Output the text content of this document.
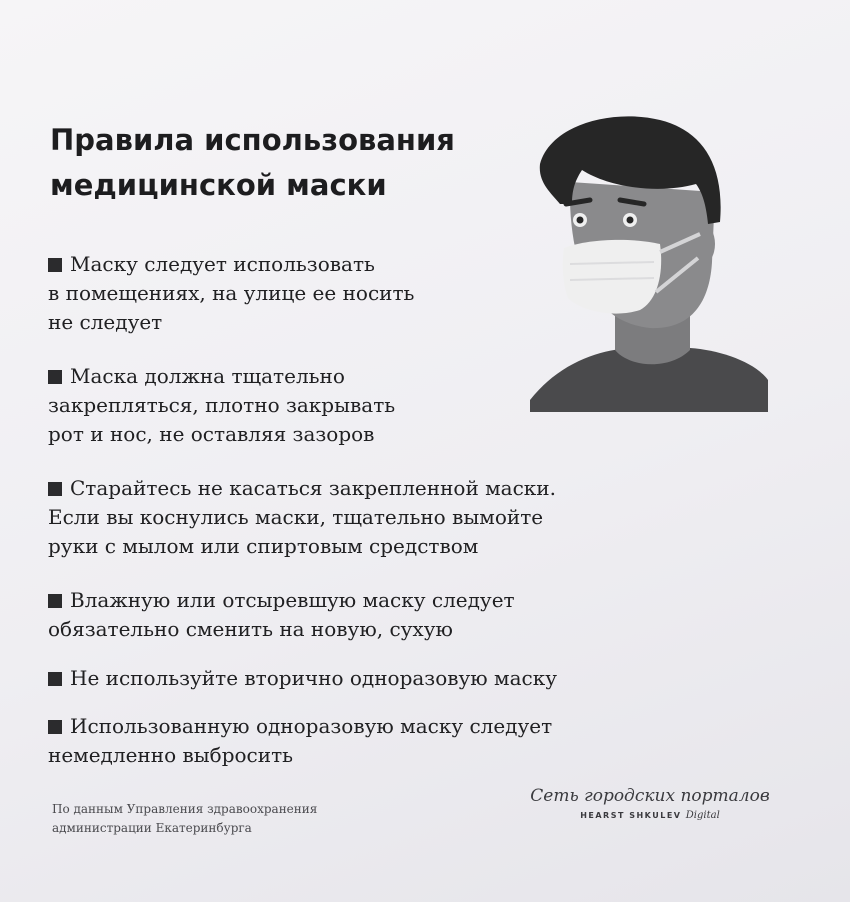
Правила использования
медицинской маски
Маску следует использовать
в помещениях, на улице ее носить
не следует
Маска должна тщательно
закрепляться, плотно закрывать
рот и нос, не оставляя зазоров
Старайтесь не касаться закрепленной маски.
Если вы коснулись маски, тщательно вымойте
руки с мылом или спиртовым средством
Влажную или отсыревшую маску следует
обязательно сменить на новую, сухую
Не используйте вторично одноразовую маску
Использованную одноразовую маску следует
немедленно выбросить
По данным Управления здравоохранения
администрации Екатеринбурга
Сеть городских порталов
HEARST SHKULEV Digital
